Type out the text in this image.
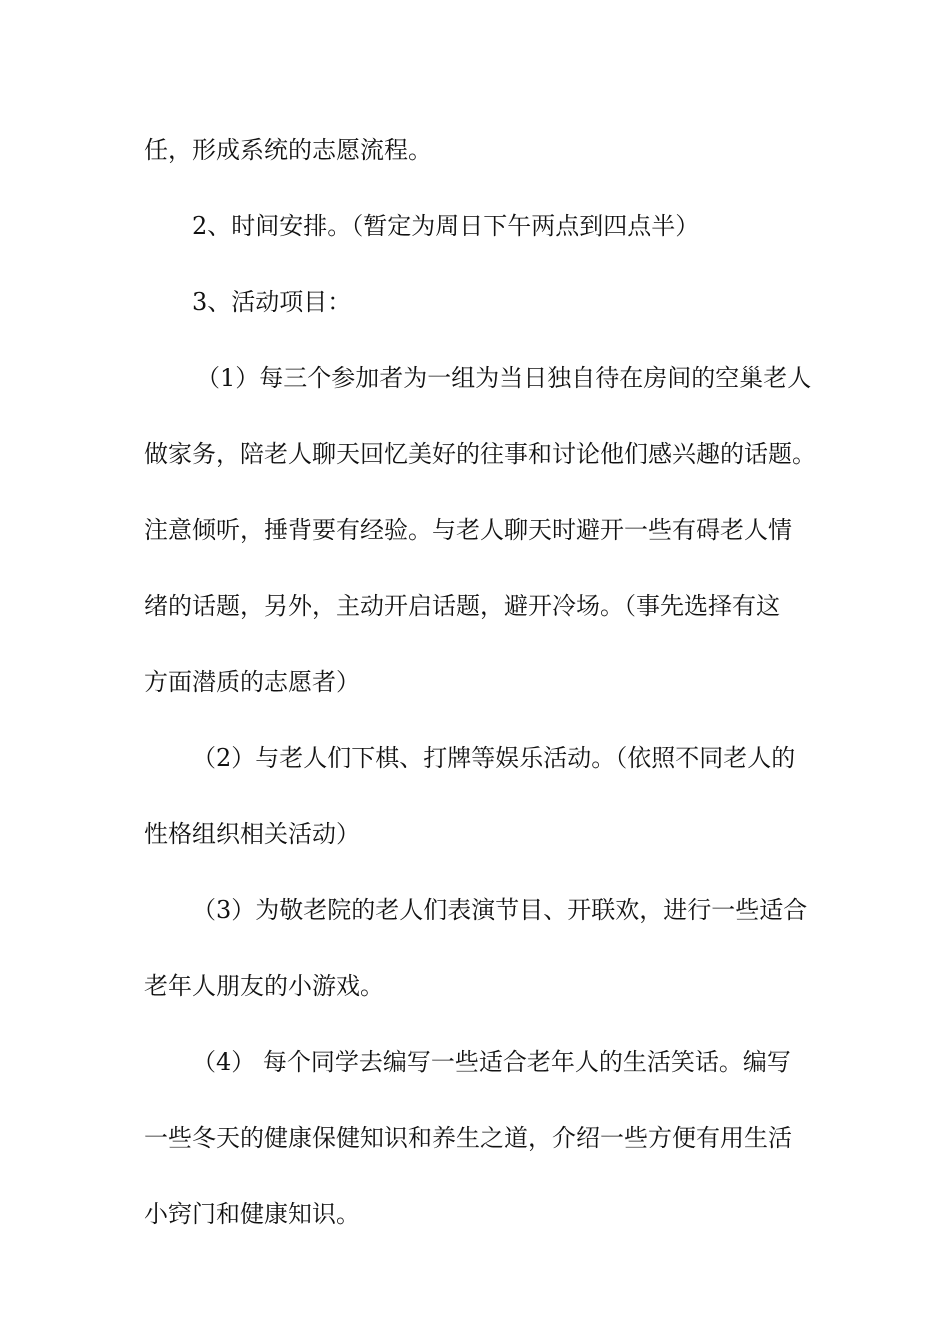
任，形成系统的志愿流程。
2、时间安排。（暂定为周日下午两点到四点半）
3、活动项目：
（1）每三个参加者为一组为当日独自待在房间的空巢老人
做家务，陪老人聊天回忆美好的往事和讨论他们感兴趣的话题。
注意倾听，捶背要有经验。与老人聊天时避开一些有碍老人情
绪的话题，另外，主动开启话题，避开冷场。（事先选择有这
方面潜质的志愿者）
（2）与老人们下棋、打牌等娱乐活动。（依照不同老人的
性格组织相关活动）
（3）为敬老院的老人们表演节目、开联欢，进行一些适合
老年人朋友的小游戏。
（4） 每个同学去编写一些适合老年人的生活笑话。编写
一些冬天的健康保健知识和养生之道，介绍一些方便有用生活
小窍门和健康知识。
